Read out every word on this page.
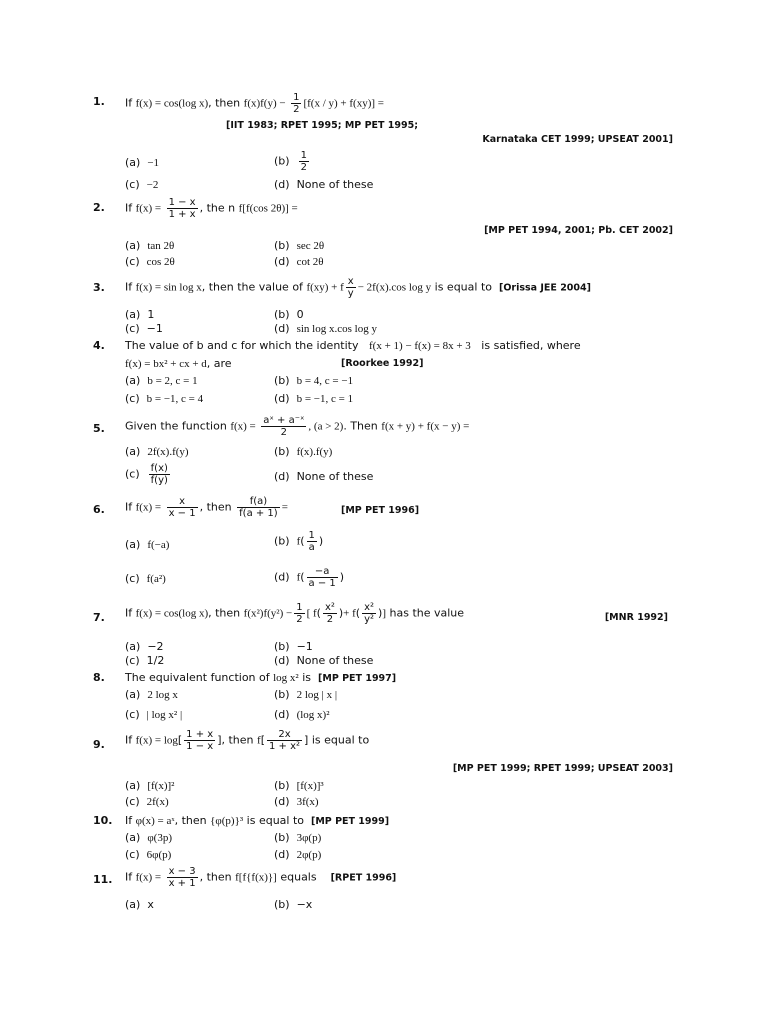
1. If f(x) = cos(log x), then $f(x)f(y) - \frac{1}{2} [f(x / y) + f(xy)]$ =
[IIT 1983; RPET 1995; MP PET 1995;
Karnataka CET 1999; UPSEAT 2001]
(a) −1	$(b) \frac{1}{2}$
(c) −2	(d) None of these
2. If $f(x) = \frac{1 - x}{1 + x}$ , the n f[f(cos 2θ)] =
[MP PET 1994, 2001; Pb. CET 2002]
(a) tan 2θ	(b) sec 2θ
(c) cos 2θ	(d) cot 2θ
3. If f(x) = sin log x, then the value of f(xy) + f $\frac{x}{y} - 2f(x).\cos$ log y is equal to [Orissa JEE 2004]
(a) 1	(b) 0
(c) −1	(d) sin log x.cos log y
4. The value of b and c for which the identity f(x + 1) − f(x) = 8x + 3 is satisfied, where
f(x) = bx² + cx + d, are	[Roorkee 1992]
(a) b = 2, c = 1	(b) b = 4, c = −1
(c) b = −1, c = 4	(d) b = −1, c = 1
5. Given the function $f(x) = \frac{\text{aˣ + a⁻ˣ}}{2}$ , (a > 2). Then f(x + y) + f(x − y) =
(a) 2f(x).f(y)	(b) f(x).f(y)
$(c) \frac{f(x)}{f(y)}$	(d) None of these
6. If $f(x) = \frac{x}{x - 1}$ , then $\frac{f(a)}{f(a + 1)}$ =	[MP PET 1996]
(a) f(−a)	(b) $f( \frac{1}{a}$ )
(c) f(a²)	(d) $f( \frac{-a}{a - 1}$ )
7. If f(x) = cos(log x), then $f(x^2)f(y^2) - \frac{1}{2}$ [ $f( \frac{\text{x²}}{2}$ )+ $f( \frac{\text{x²}}{\text{y²}}$ )] has the value	[MNR 1992]
(a) −2	(b) −1
(c) 1/2	(d) None of these
8. The equivalent function of log x² is [MP PET 1997]
(a) 2 log x	(b) 2 log | x |
(c) | log x² |	(d) (log x)²
9. If $f(x) = \log[ \frac{1 + x}{1 - x}$ ], then $f[ \frac{2x}{\text{1 + x²}}$ ] is equal to
[MP PET 1999; RPET 1999; UPSEAT 2003]
(a) [f(x)]²	(b) [f(x)]³
(c) 2f(x)	(d) 3f(x)
10. If φ(x) = aˣ, then {φ(p)}³ is equal to [MP PET 1999]
(a) φ(3p)	(b) 3φ(p)
(c) 6φ(p)	(d) 2φ(p)
11. If $f(x) = \frac{x - 3}{x + 1}$ , then f[f{f(x)}] equals [RPET 1996]
(a) x	(b) −x
